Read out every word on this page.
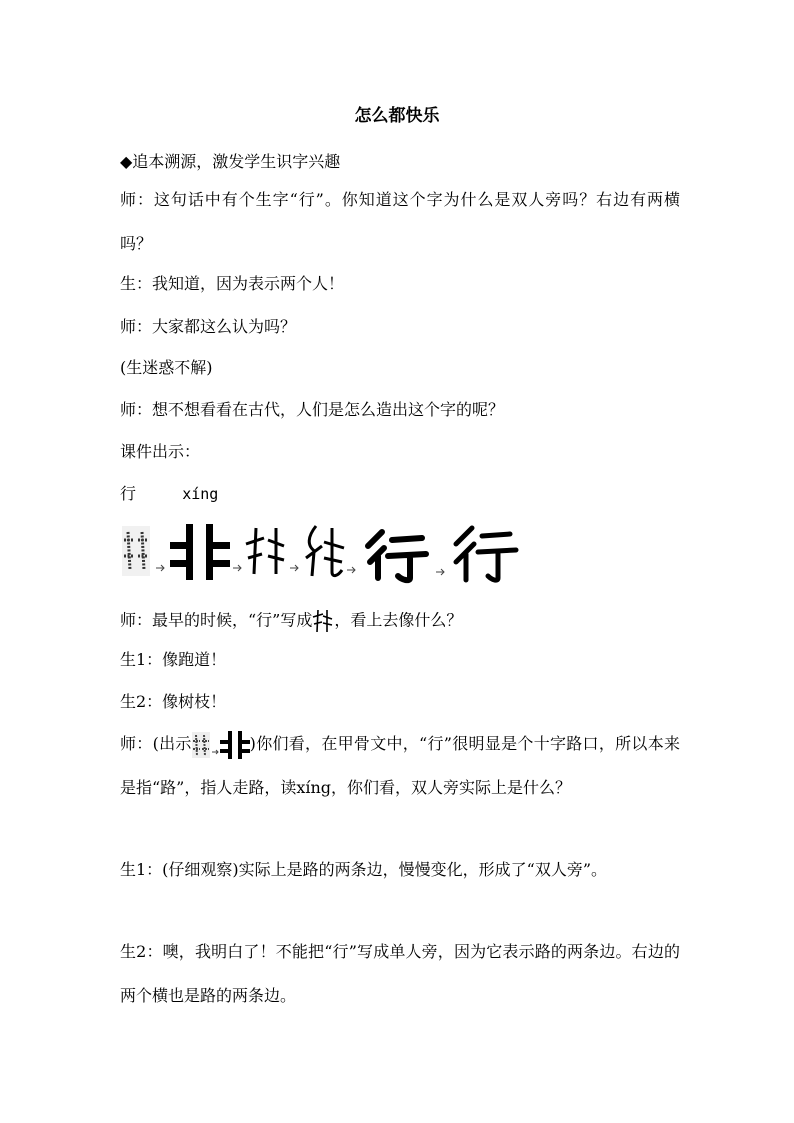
怎么都快乐
◆追本溯源，激发学生识字兴趣
师：这句话中有个生字“行”。你知道这个字为什么是双人旁吗？右边有两横吗？
生：我知道，因为表示两个人！
师：大家都这么认为吗？
(生迷惑不解)
师：想不想看看在古代，人们是怎么造出这个字的呢？
课件出示：
行	xíng
师：最早的时候，“行”写成 ，看上去像什么？
生1：像跑道！
生2：像树枝！
师：(出示	)你们看，在甲骨文中，“行”很明显是个十字路口，所以本来是指“路”，指人走路，读xíng，你们看，双人旁实际上是什么？
生1：(仔细观察)实际上是路的两条边，慢慢变化，形成了“双人旁”。
生2：噢，我明白了！不能把“行”写成单人旁，因为它表示路的两条边。右边的两个横也是路的两条边。
